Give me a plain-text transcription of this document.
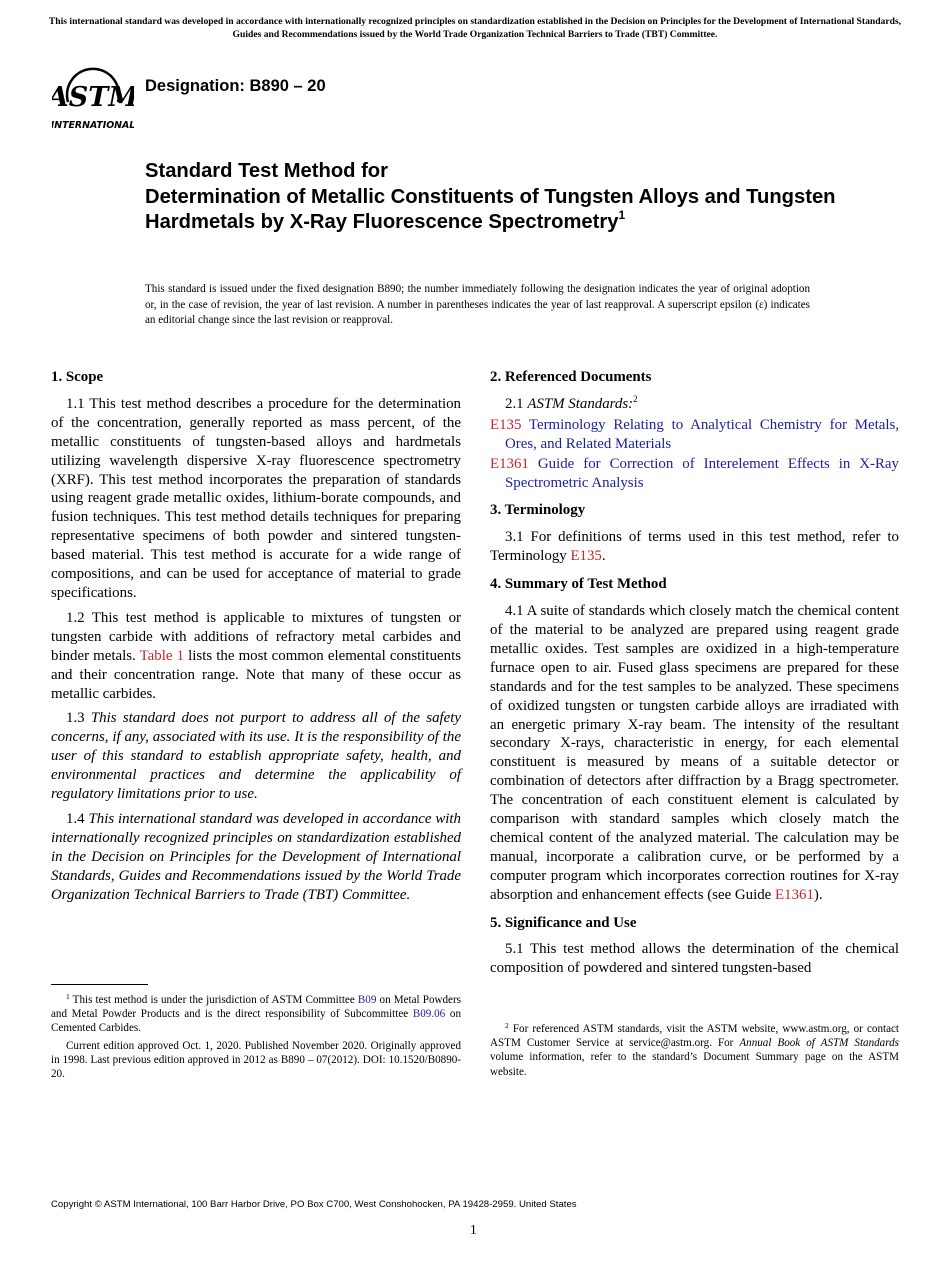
This international standard was developed in accordance with internationally recognized principles on standardization established in the Decision on Principles for the Development of International Standards, Guides and Recommendations issued by the World Trade Organization Technical Barriers to Trade (TBT) Committee.
ASTM
INTERNATIONAL
Designation: B890 – 20
Standard Test Method for
Determination of Metallic Constituents of Tungsten Alloys and Tungsten Hardmetals by X-Ray Fluorescence Spectrometry$^1$
This standard is issued under the fixed designation B890; the number immediately following the designation indicates the year of original adoption or, in the case of revision, the year of last revision. A number in parentheses indicates the year of last reapproval. A superscript epsilon (ε) indicates an editorial change since the last revision or reapproval.

1. Scope

1.1 This test method describes a procedure for the determination of the concentration, generally reported as mass percent, of the metallic constituents of tungsten-based alloys and hardmetals utilizing wavelength dispersive X-ray fluorescence spectrometry (XRF). This test method incorporates the preparation of standards using reagent grade metallic oxides, lithium-borate compounds, and fusion techniques. This test method details techniques for preparing representative specimens of both powder and sintered tungsten-based material. This test method is accurate for a wide range of compositions, and can be used for acceptance of material to grade specifications.

1.2 This test method is applicable to mixtures of tungsten or tungsten carbide with additions of refractory metal carbides and binder metals. Table 1 lists the most common elemental constituents and their concentration range. Note that many of these occur as metallic carbides.

1.3 This standard does not purport to address all of the safety concerns, if any, associated with its use. It is the responsibility of the user of this standard to establish appropriate safety, health, and environmental practices and determine the applicability of regulatory limitations prior to use.

1.4 This international standard was developed in accordance with internationally recognized principles on standardization established in the Decision on Principles for the Development of International Standards, Guides and Recommendations issued by the World Trade Organization Technical Barriers to Trade (TBT) Committee.

2. Referenced Documents

2.1 ASTM Standards:$^2$

E135 Terminology Relating to Analytical Chemistry for Metals, Ores, and Related Materials

E1361 Guide for Correction of Interelement Effects in X-Ray Spectrometric Analysis

3. Terminology

3.1 For definitions of terms used in this test method, refer to Terminology E135.

4. Summary of Test Method

4.1 A suite of standards which closely match the chemical content of the material to be analyzed are prepared using reagent grade metallic oxides. Test samples are oxidized in a high-temperature furnace open to air. Fused glass specimens are prepared for these standards and for the test samples to be analyzed. These specimens of oxidized tungsten or tungsten carbide alloys are irradiated with an energetic primary X-ray beam. The intensity of the resultant secondary X-rays, characteristic in energy, for each elemental constituent is measured by means of a suitable detector or combination of detectors after diffraction by a Bragg spectrometer. The concentration of each constituent element is calculated by comparison with standard samples which closely match the chemical content of the analyzed material. The calculation may be manual, incorporate a calibration curve, or be performed by a computer program which incorporates correction routines for X-ray absorption and enhancement effects (see Guide E1361).

5. Significance and Use

5.1 This test method allows the determination of the chemical composition of powdered and sintered tungsten-based

$^1$ This test method is under the jurisdiction of ASTM Committee B09 on Metal Powders and Metal Powder Products and is the direct responsibility of Subcommittee B09.06 on Cemented Carbides.

Current edition approved Oct. 1, 2020. Published November 2020. Originally approved in 1998. Last previous edition approved in 2012 as B890 – 07(2012). DOI: 10.1520/B0890-20.

$^2$ For referenced ASTM standards, visit the ASTM website, www.astm.org, or contact ASTM Customer Service at service@astm.org. For Annual Book of ASTM Standards volume information, refer to the standard’s Document Summary page on the ASTM website.

Copyright © ASTM International, 100 Barr Harbor Drive, PO Box C700, West Conshohocken, PA 19428-2959. United States
1
